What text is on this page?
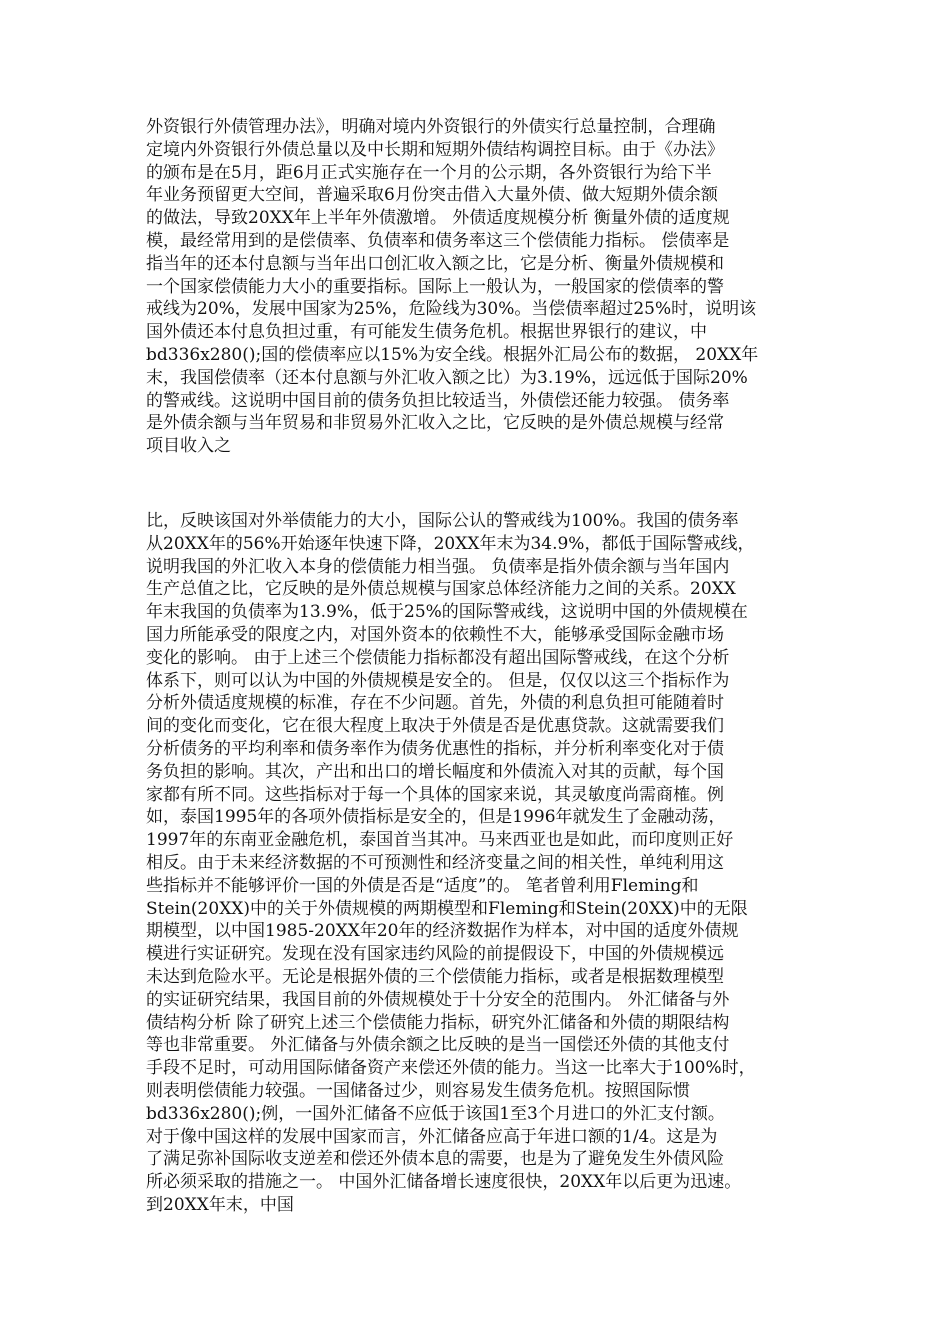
外资银行外债管理办法》，明确对境内外资银行的外债实行总量控制，合理确
定境内外资银行外债总量以及中长期和短期外债结构调控目标。由于《办法》
的颁布是在5月，距6月正式实施存在一个月的公示期，各外资银行为给下半
年业务预留更大空间，普遍采取6月份突击借入大量外债、做大短期外债余额
的做法，导致20XX年上半年外债激增。 外债适度规模分析 衡量外债的适度规
模，最经常用到的是偿债率、负债率和债务率这三个偿债能力指标。 偿债率是
指当年的还本付息额与当年出口创汇收入额之比，它是分析、衡量外债规模和
一个国家偿债能力大小的重要指标。国际上一般认为，一般国家的偿债率的警
戒线为20%，发展中国家为25%，危险线为30%。当偿债率超过25%时，说明该
国外债还本付息负担过重，有可能发生债务危机。根据世界银行的建议，中
bd336x280();国的偿债率应以15%为安全线。根据外汇局公布的数据， 20XX年
末，我国偿债率（还本付息额与外汇收入额之比）为3.19%，远远低于国际20%
的警戒线。这说明中国目前的债务负担比较适当，外债偿还能力较强。 债务率
是外债余额与当年贸易和非贸易外汇收入之比，它反映的是外债总规模与经常
项目收入之
比，反映该国对外举债能力的大小，国际公认的警戒线为100%。我国的债务率
从20XX年的56%开始逐年快速下降，20XX年末为34.9%，都低于国际警戒线，
说明我国的外汇收入本身的偿债能力相当强。 负债率是指外债余额与当年国内
生产总值之比，它反映的是外债总规模与国家总体经济能力之间的关系。20XX
年末我国的负债率为13.9%，低于25%的国际警戒线，这说明中国的外债规模在
国力所能承受的限度之内，对国外资本的依赖性不大，能够承受国际金融市场
变化的影响。 由于上述三个偿债能力指标都没有超出国际警戒线，在这个分析
体系下，则可以认为中国的外债规模是安全的。 但是，仅仅以这三个指标作为
分析外债适度规模的标准，存在不少问题。首先，外债的利息负担可能随着时
间的变化而变化，它在很大程度上取决于外债是否是优惠贷款。这就需要我们
分析债务的平均利率和债务率作为债务优惠性的指标，并分析利率变化对于债
务负担的影响。其次，产出和出口的增长幅度和外债流入对其的贡献，每个国
家都有所不同。这些指标对于每一个具体的国家来说，其灵敏度尚需商榷。例
如，泰国1995年的各项外债指标是安全的，但是1996年就发生了金融动荡，
1997年的东南亚金融危机，泰国首当其冲。马来西亚也是如此，而印度则正好
相反。由于未来经济数据的不可预测性和经济变量之间的相关性，单纯利用这
些指标并不能够评价一国的外债是否是“适度”的。 笔者曾利用Fleming和
Stein(20XX)中的关于外债规模的两期模型和Fleming和Stein(20XX)中的无限
期模型，以中国1985-20XX年20年的经济数据作为样本，对中国的适度外债规
模进行实证研究。发现在没有国家违约风险的前提假设下，中国的外债规模远
未达到危险水平。无论是根据外债的三个偿债能力指标，或者是根据数理模型
的实证研究结果，我国目前的外债规模处于十分安全的范围内。 外汇储备与外
债结构分析 除了研究上述三个偿债能力指标，研究外汇储备和外债的期限结构
等也非常重要。 外汇储备与外债余额之比反映的是当一国偿还外债的其他支付
手段不足时，可动用国际储备资产来偿还外债的能力。当这一比率大于100%时，
则表明偿债能力较强。一国储备过少，则容易发生债务危机。按照国际惯
bd336x280();例，一国外汇储备不应低于该国1至3个月进口的外汇支付额。
对于像中国这样的发展中国家而言，外汇储备应高于年进口额的1/4。这是为
了满足弥补国际收支逆差和偿还外债本息的需要，也是为了避免发生外债风险
所必须采取的措施之一。 中国外汇储备增长速度很快，20XX年以后更为迅速。
到20XX年末，中国
